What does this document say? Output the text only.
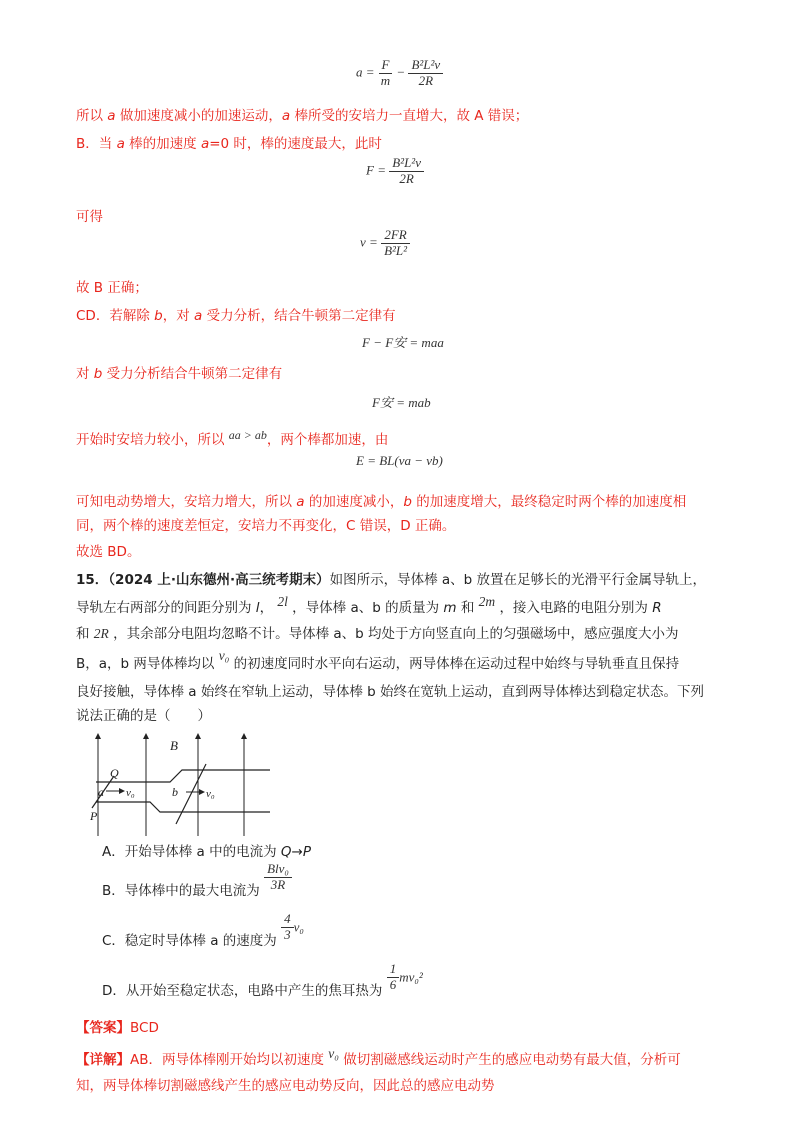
$a = \frac{F}{m} - \frac{\text{B²L²v}}{2R}$
所以 a 做加速度减小的加速运动，a 棒所受的安培力一直增大，故 A 错误；
B．当 a 棒的加速度 a=0 时，棒的速度最大，此时
$F = \frac{\text{B²L²v}}{2R}$
可得
$v = \frac{2FR}{\text{B²L²}}$
故 B 正确；
CD．若解除 b，对 a 受力分析，结合牛顿第二定律有
F − F安 = maa
对 b 受力分析结合牛顿第二定律有
F安 = mab
开始时安培力较小，所以 aa > ab，两个棒都加速，由
E = BL(va − vb)
可知电动势增大，安培力增大，所以 a 的加速度减小，b 的加速度增大，最终稳定时两个棒的加速度相
同，两个棒的速度差恒定，安培力不再变化，C 错误，D 正确。
故选 BD。
15．（2024 上·山东德州·高三统考期末）如图所示，导体棒 a、b 放置在足够长的光滑平行金属导轨上，
导轨左右两部分的间距分别为 l， 2l ，导体棒 a、b 的质量为 m 和 2m ，接入电路的电阻分别为 R
和 2R ，其余部分电阻均忽略不计。导体棒 a、b 均处于方向竖直向上的匀强磁场中，感应强度大小为
B，a，b 两导体棒均以 v₀ 的初速度同时水平向右运动，两导体棒在运动过程中始终与导轨垂直且保持
良好接触，导体棒 a 始终在窄轨上运动，导体棒 b 始终在宽轨上运动，直到两导体棒达到稳定状态。下列
说法正确的是（　　）
B
Q
P
a v₀	b	v₀
A．开始导体棒 a 中的电流为 Q→P
B．导体棒中的最大电流为 $\frac{\text{Blv₀}}{3R}$
C．稳定时导体棒 a 的速度为 $\frac{4}{3} v_0$
D．从开始至稳定状态，电路中产生的焦耳热为 $\frac{1}{6} mv_0^2$
【答案】BCD
【详解】AB．两导体棒刚开始均以初速度 v₀ 做切割磁感线运动时产生的感应电动势有最大值，分析可
知，两导体棒切割磁感线产生的感应电动势反向，因此总的感应电动势
